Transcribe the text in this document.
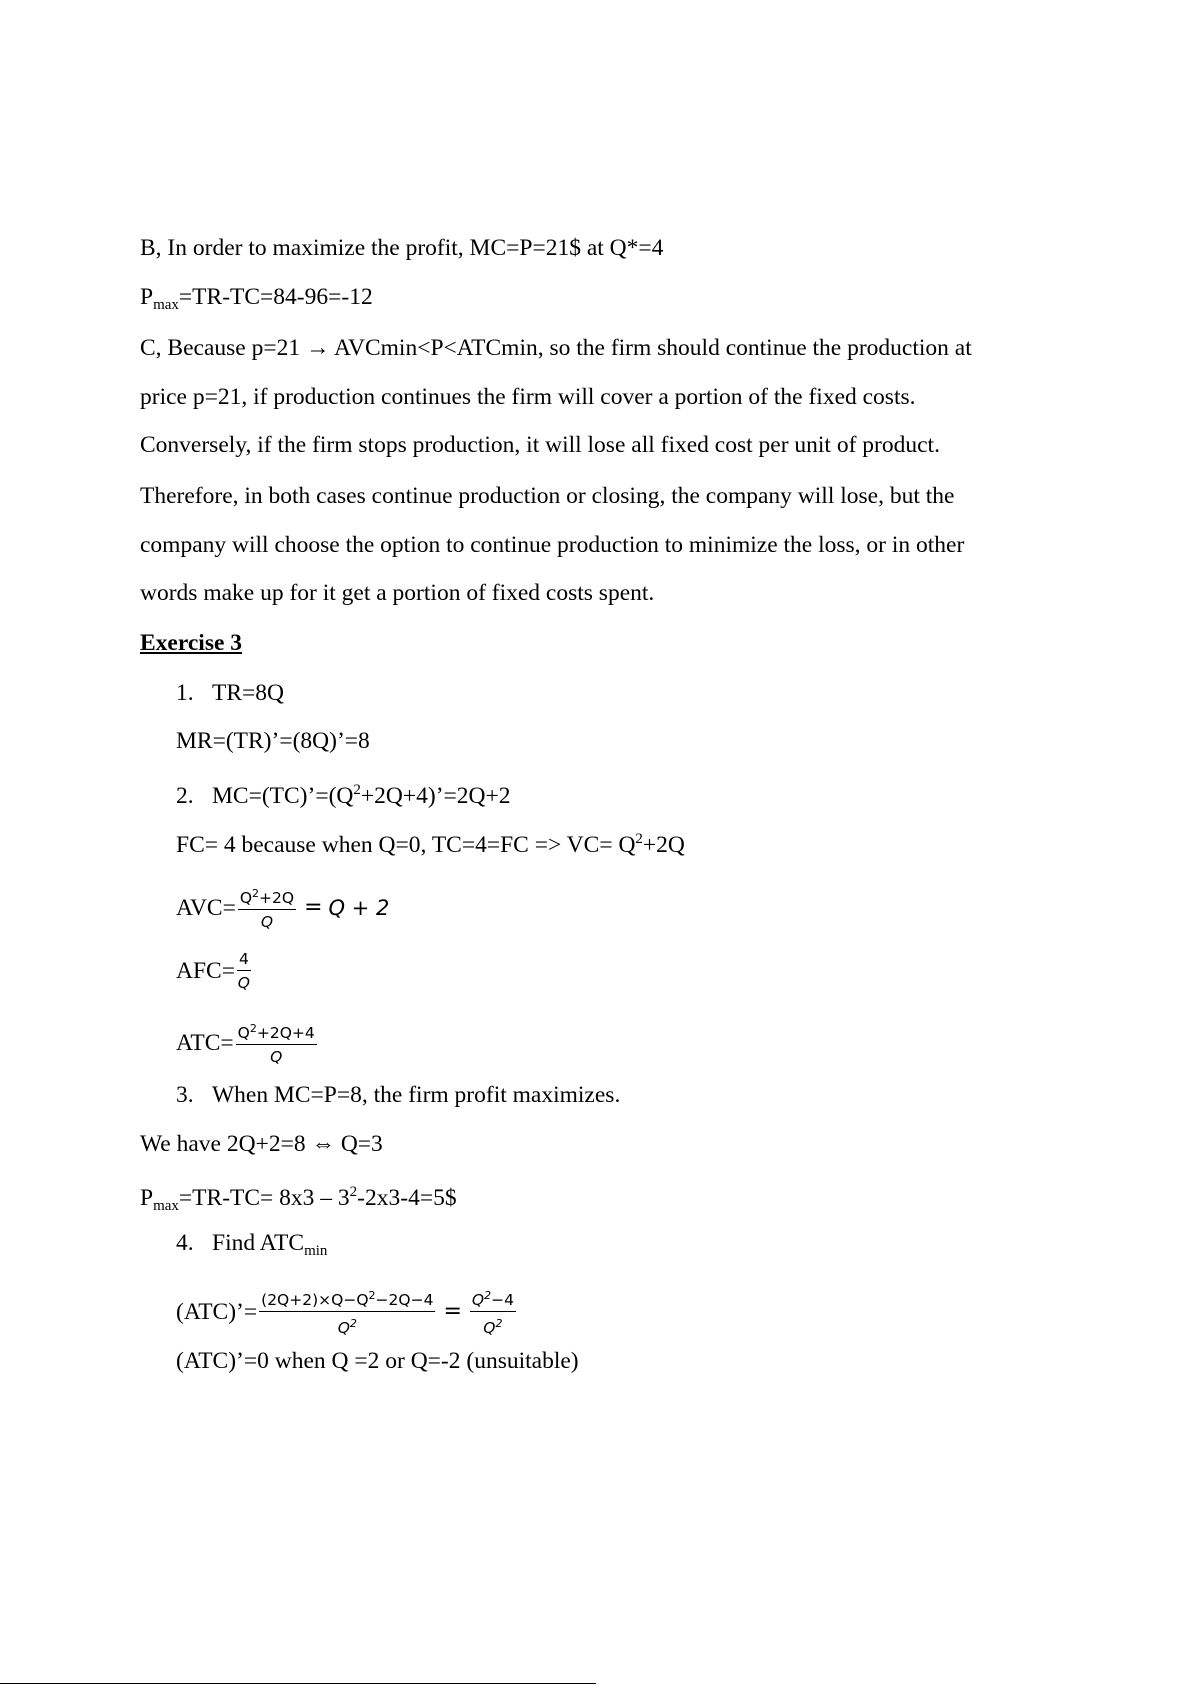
B, In order to maximize the profit, MC=P=21$ at Q*=4
$P_{max}=TR-TC=84-96=-12$
C, Because p=21 → AVCmin<P<ATCmin, so the firm should continue the production at
price p=21, if production continues the firm will cover a portion of the fixed costs.
Conversely, if the firm stops production, it will lose all fixed cost per unit of product.
Therefore, in both cases continue production or closing, the company will lose, but the
company will choose the option to continue production to minimize the loss, or in other
words make up for it get a portion of fixed costs spent.
Exercise 3
1. TR=8Q
MR=(TR)’=(8Q)’=8
2. $MC=(TC)’=(Q^2+2Q+4)’=2Q+2$
FC= 4 because when Q=0, $TC=4=FC => VC= Q^2+2Q$
$AVC= \frac{Q^2+2Q}{Q} = Q + 2$
$AFC= \frac{4}{Q}$
$ATC= \frac{Q^2+2Q+4}{Q}$
3. When MC=P=8, the firm profit maximizes.
We have 2Q+2=8 ⇔ Q=3
$P_{max}=TR-TC= 8x3$ – $3^2-2x3-4=5\$$
4. Find $ATC_{min}$
(ATC)’= $\frac{(2Q+2)\times Q-Q^2-2Q-4}{Q^2} = \frac{Q^2-4}{Q^2}$
(ATC)’=0 when Q =2 or Q=-2 (unsuitable)
